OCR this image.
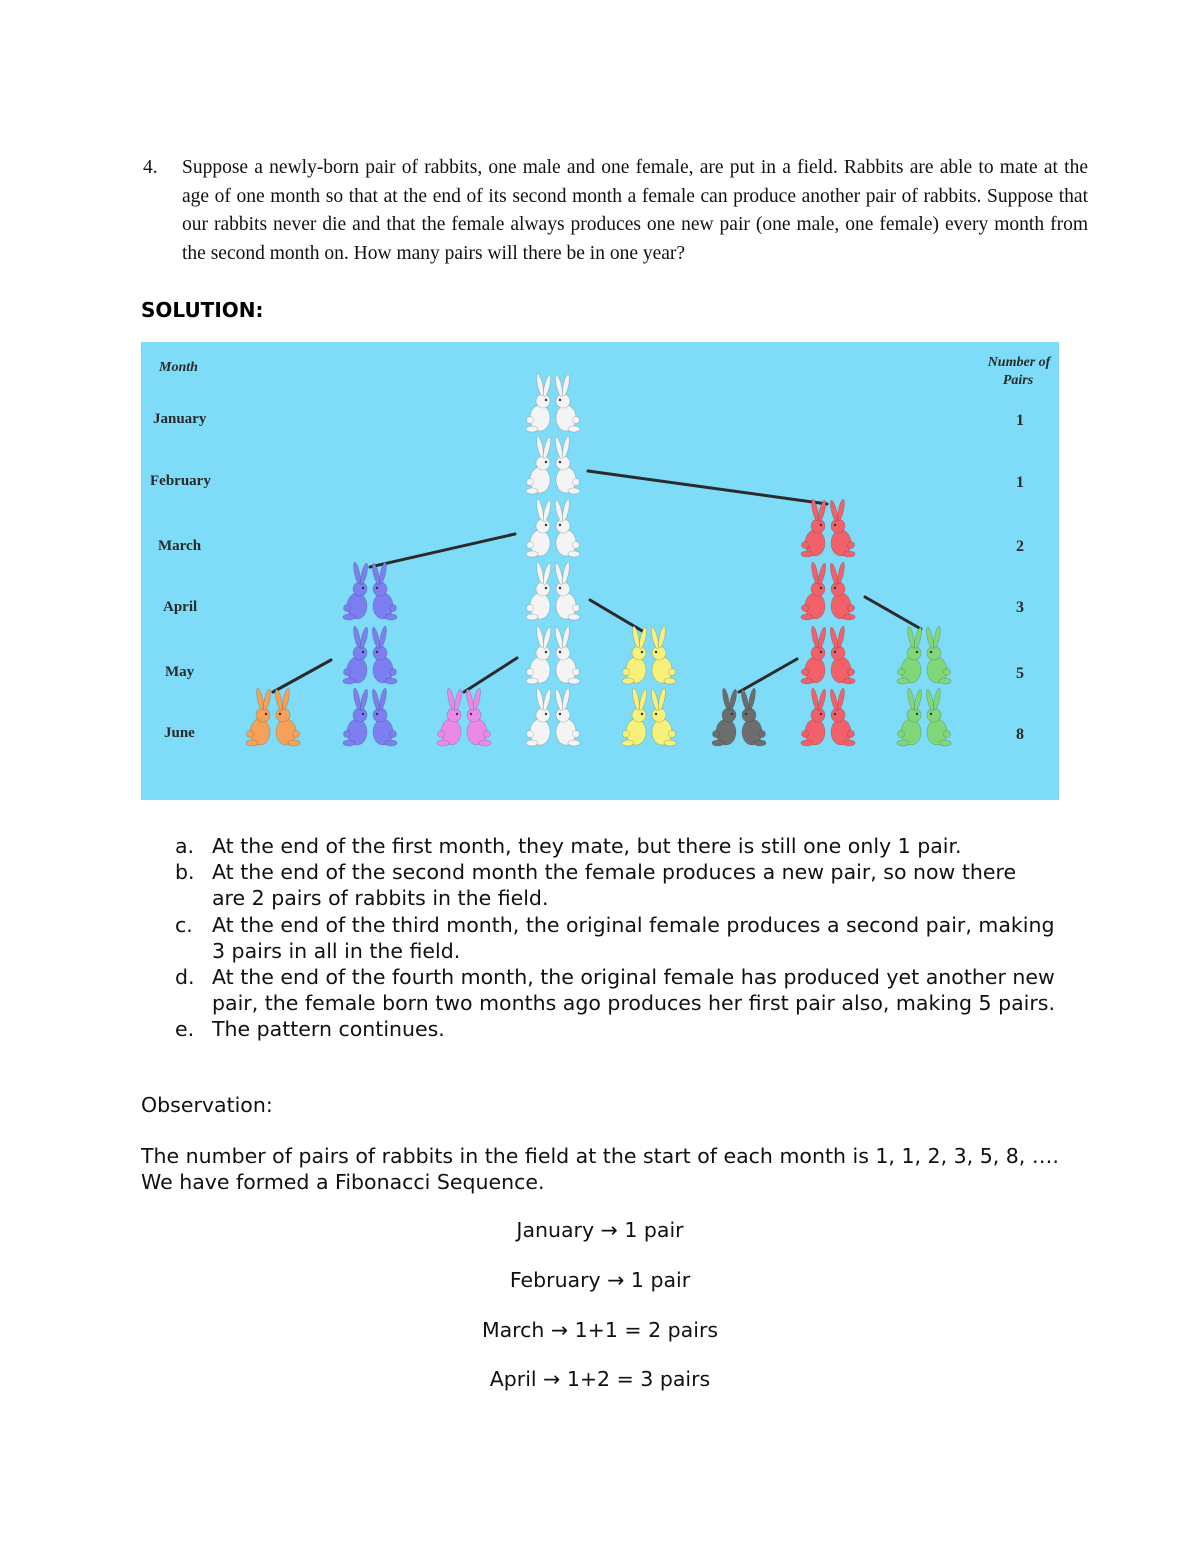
4. Suppose a newly-born pair of rabbits, one male and one female, are put in a field. Rabbits are able to mate at the age of one month so that at the end of its second month a female can produce another pair of rabbits. Suppose that our rabbits never die and that the female always produces one new pair (one male, one female) every month from the second month on. How many pairs will there be in one year?
SOLUTION:
Month	Number of
Pairs
January
February
March
April
May
June
1
1
2
3
5
8
a. At the end of the first month, they mate, but there is still one only 1 pair.
b. At the end of the second month the female produces a new pair, so now there are 2 pairs of rabbits in the field.
c. At the end of the third month, the original female produces a second pair, making 3 pairs in all in the field.
d. At the end of the fourth month, the original female has produced yet another new pair, the female born two months ago produces her first pair also, making 5 pairs.
e. The pattern continues.
Observation:
The number of pairs of rabbits in the field at the start of each month is 1, 1, 2, 3, 5, 8, …. We have formed a Fibonacci Sequence.
January → 1 pair
February → 1 pair
March → 1+1 = 2 pairs
April → 1+2 = 3 pairs
